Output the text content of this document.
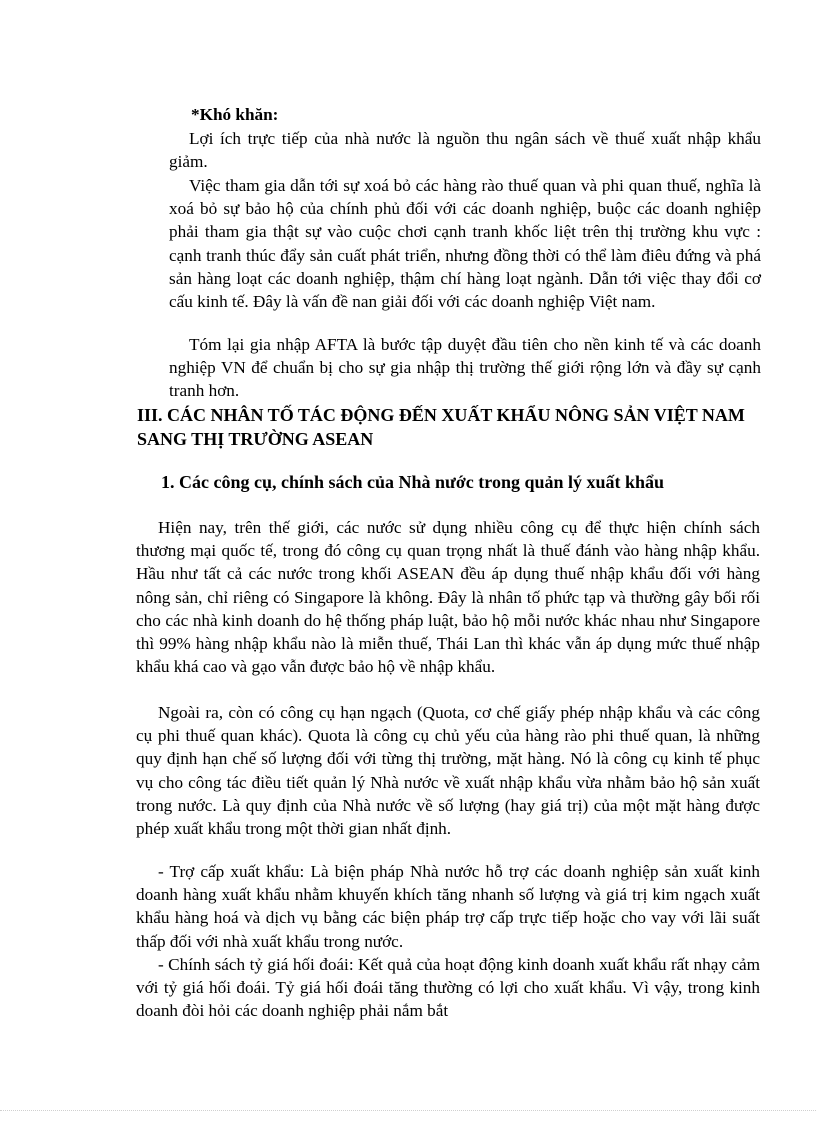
*Khó khăn:

Lợi ích trực tiếp của nhà nước là nguồn thu ngân sách về thuế xuất nhập khẩu giảm.

Việc tham gia dẫn tới sự xoá bỏ các hàng rào thuế quan và phi quan thuế, nghĩa là xoá bỏ sự bảo hộ của chính phủ đối với các doanh nghiệp, buộc các doanh nghiệp phải tham gia thật sự vào cuộc chơi cạnh tranh khốc liệt trên thị trường khu vực : cạnh tranh thúc đẩy sản cuất phát triển, nhưng đồng thời có thể làm điêu đứng và phá sản hàng loạt các doanh nghiệp, thậm chí hàng loạt ngành. Dẫn tới việc thay đổi cơ cấu kinh tế. Đây là vấn đề nan giải đối với các doanh nghiệp Việt nam.

Tóm lại gia nhập AFTA là bước tập duyệt đầu tiên cho nền kinh tế và các doanh nghiệp VN để chuẩn bị cho sự gia nhập thị trường thế giới rộng lớn và đầy sự cạnh tranh hơn.

III. CÁC NHÂN TỐ TÁC ĐỘNG ĐẾN XUẤT KHẨU NÔNG SẢN VIỆT NAM SANG THỊ TRƯỜNG ASEAN

1. Các công cụ, chính sách của Nhà nước trong quản lý xuất khẩu

Hiện nay, trên thế giới, các nước sử dụng nhiều công cụ để thực hiện chính sách thương mại quốc tế, trong đó công cụ quan trọng nhất là thuế đánh vào hàng nhập khẩu. Hầu như tất cả các nước trong khối ASEAN đều áp dụng thuế nhập khẩu đối với hàng nông sản, chỉ riêng có Singapore là không. Đây là nhân tố phức tạp và thường gây bối rối cho các nhà kinh doanh do hệ thống pháp luật, bảo hộ mỗi nước khác nhau như Singapore thì 99% hàng nhập khẩu nào là miễn thuế, Thái Lan thì khác vẫn áp dụng mức thuế nhập khẩu khá cao và gạo vẫn được bảo hộ về nhập khẩu.

Ngoài ra, còn có công cụ hạn ngạch (Quota, cơ chế giấy phép nhập khẩu và các công cụ phi thuế quan khác). Quota là công cụ chủ yếu của hàng rào phi thuế quan, là những quy định hạn chế số lượng đối với từng thị trường, mặt hàng. Nó là công cụ kinh tế phục vụ cho công tác điều tiết quản lý Nhà nước về xuất nhập khẩu vừa nhằm bảo hộ sản xuất trong nước. Là quy định của Nhà nước về số lượng (hay giá trị) của một mặt hàng được phép xuất khẩu trong một thời gian nhất định.

- Trợ cấp xuất khẩu: Là biện pháp Nhà nước hỗ trợ các doanh nghiệp sản xuất kinh doanh hàng xuất khẩu nhằm khuyến khích tăng nhanh số lượng và giá trị kim ngạch xuất khẩu hàng hoá và dịch vụ bằng các biện pháp trợ cấp trực tiếp hoặc cho vay với lãi suất thấp đối với nhà xuất khẩu trong nước.

- Chính sách tỷ giá hối đoái: Kết quả của hoạt động kinh doanh xuất khẩu rất nhạy cảm với tỷ giá hối đoái. Tỷ giá hối đoái tăng thường có lợi cho xuất khẩu. Vì vậy, trong kinh doanh đòi hỏi các doanh nghiệp phải nắm bắt
